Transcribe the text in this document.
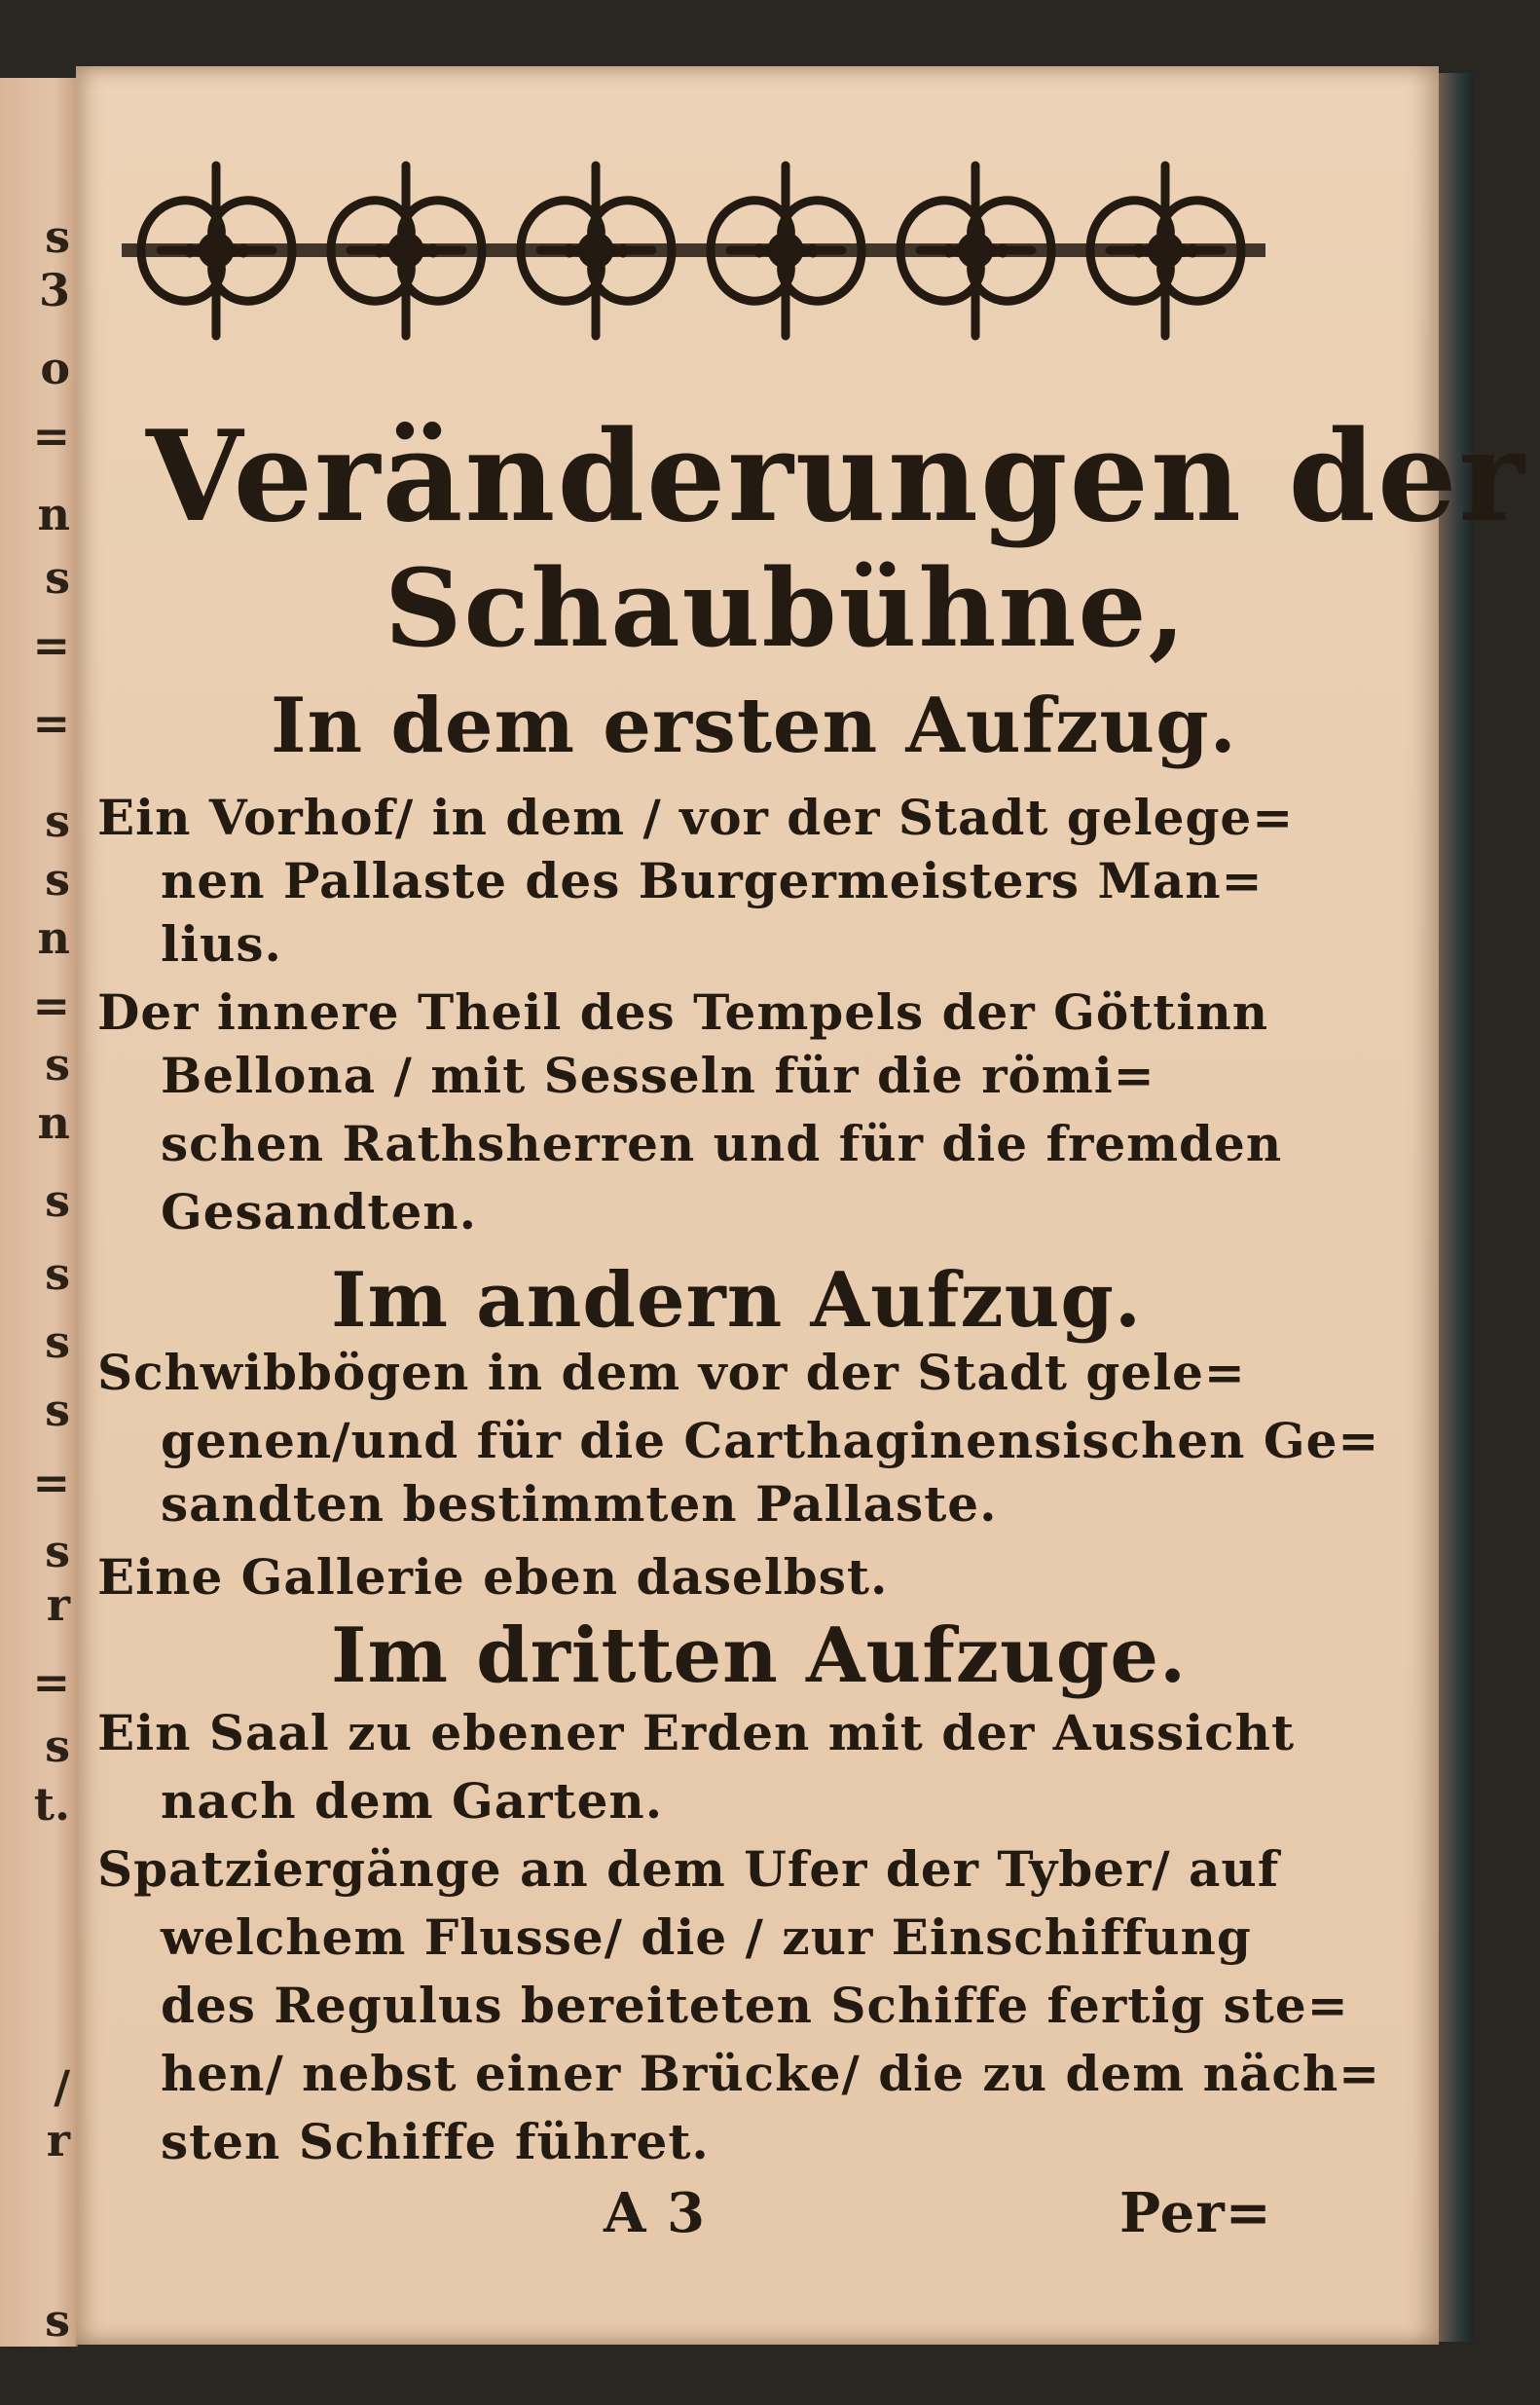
s
3
o
=
n
s
=
=
s
s
n
=
s
n
s
s
s
s
=
s
r
=
s
t.
/
r
s
Veränderungen der
Schaubühne,
In dem ersten Aufzug.
Ein Vorhof/ in dem / vor der Stadt gelege=
nen Pallaste des Burgermeisters Man=
lius.
Der innere Theil des Tempels der Göttinn
Bellona / mit Sesseln für die römi=
schen Rathsherren und für die fremden
Gesandten.
Im andern Aufzug.
Schwibbögen in dem vor der Stadt gele=
genen/und für die Carthaginensischen Ge=
sandten bestimmten Pallaste.
Eine Gallerie eben daselbst.
Im dritten Aufzuge.
Ein Saal zu ebener Erden mit der Aussicht
nach dem Garten.
Spatziergänge an dem Ufer der Tyber/ auf
welchem Flusse/ die / zur Einschiffung
des Regulus bereiteten Schiffe fertig ste=
hen/ nebst einer Brücke/ die zu dem näch=
sten Schiffe führet.
A 3	Per=
